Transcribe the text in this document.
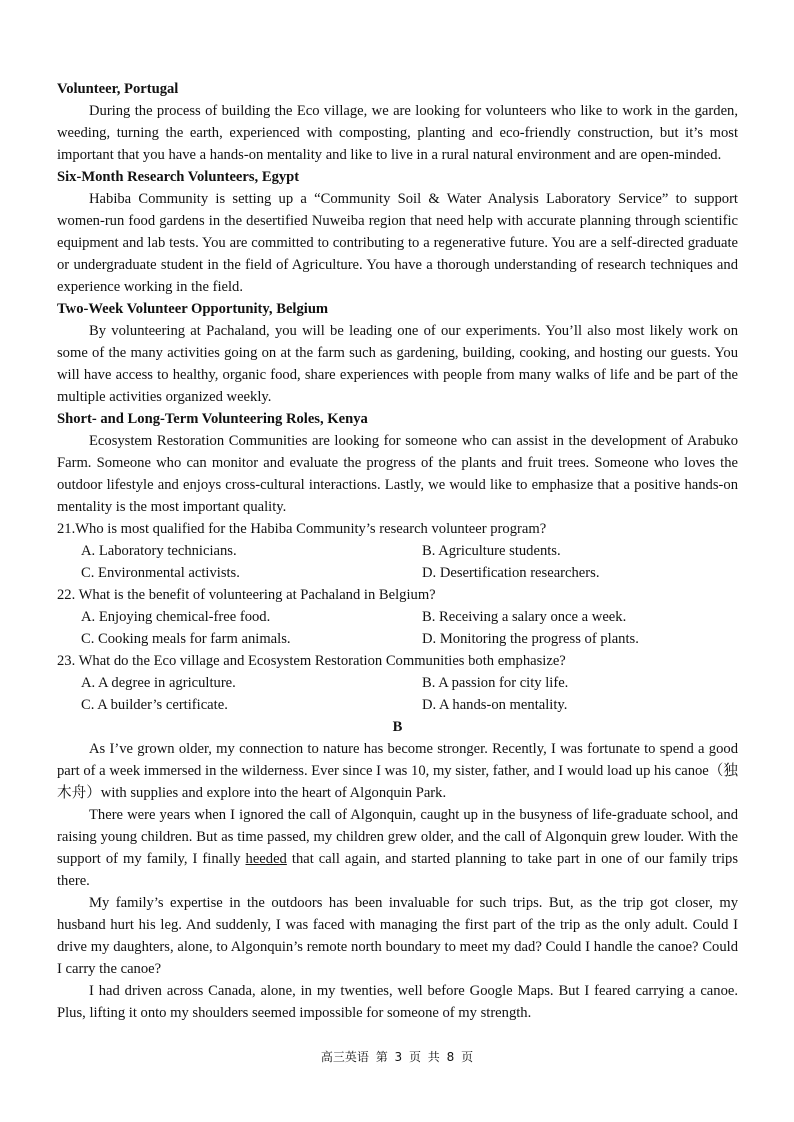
Volunteer, Portugal

During the process of building the Eco village, we are looking for volunteers who like to work in the garden, weeding, turning the earth, experienced with composting, planting and eco-friendly construction, but it’s most important that you have a hands-on mentality and like to live in a rural natural environment and are open-minded.

Six-Month Research Volunteers, Egypt

Habiba Community is setting up a “Community Soil & Water Analysis Laboratory Service” to support women-run food gardens in the desertified Nuweiba region that need help with accurate planning through scientific equipment and lab tests. You are committed to contributing to a regenerative future. You are a self-directed graduate or undergraduate student in the field of Agriculture. You have a thorough understanding of research techniques and experience working in the field.

Two-Week Volunteer Opportunity, Belgium

By volunteering at Pachaland, you will be leading one of our experiments. You’ll also most likely work on some of the many activities going on at the farm such as gardening, building, cooking, and hosting our guests. You will have access to healthy, organic food, share experiences with people from many walks of life and be part of the multiple activities organized weekly.

Short- and Long-Term Volunteering Roles, Kenya

Ecosystem Restoration Communities are looking for someone who can assist in the development of Arabuko Farm. Someone who can monitor and evaluate the progress of the plants and fruit trees. Someone who loves the outdoor lifestyle and enjoys cross-cultural interactions. Lastly, we would like to emphasize that a positive hands-on mentality is the most important quality.

21.Who is most qualified for the Habiba Community’s research volunteer program?

A. Laboratory technicians.	B. Agriculture students.
C. Environmental activists.	D. Desertification researchers.

22. What is the benefit of volunteering at Pachaland in Belgium?

A. Enjoying chemical-free food.	B. Receiving a salary once a week.
C. Cooking meals for farm animals.	D. Monitoring the progress of plants.

23. What do the Eco village and Ecosystem Restoration Communities both emphasize?

A. A degree in agriculture.	B. A passion for city life.
C. A builder’s certificate.	D. A hands-on mentality.

B

As I’ve grown older, my connection to nature has become stronger. Recently, I was fortunate to spend a good part of a week immersed in the wilderness. Ever since I was 10, my sister, father, and I would load up his canoe（独木舟）with supplies and explore into the heart of Algonquin Park.

There were years when I ignored the call of Algonquin, caught up in the busyness of life-graduate school, and raising young children. But as time passed, my children grew older, and the call of Algonquin grew louder. With the support of my family, I finally heeded that call again, and started planning to take part in one of our family trips there.

My family’s expertise in the outdoors has been invaluable for such trips. But, as the trip got closer, my husband hurt his leg. And suddenly, I was faced with managing the first part of the trip as the only adult. Could I drive my daughters, alone, to Algonquin’s remote north boundary to meet my dad? Could I handle the canoe? Could I carry the canoe?

I had driven across Canada, alone, in my twenties, well before Google Maps. But I feared carrying a canoe. Plus, lifting it onto my shoulders seemed impossible for someone of my strength.

高三英语 第 3 页 共 8 页
